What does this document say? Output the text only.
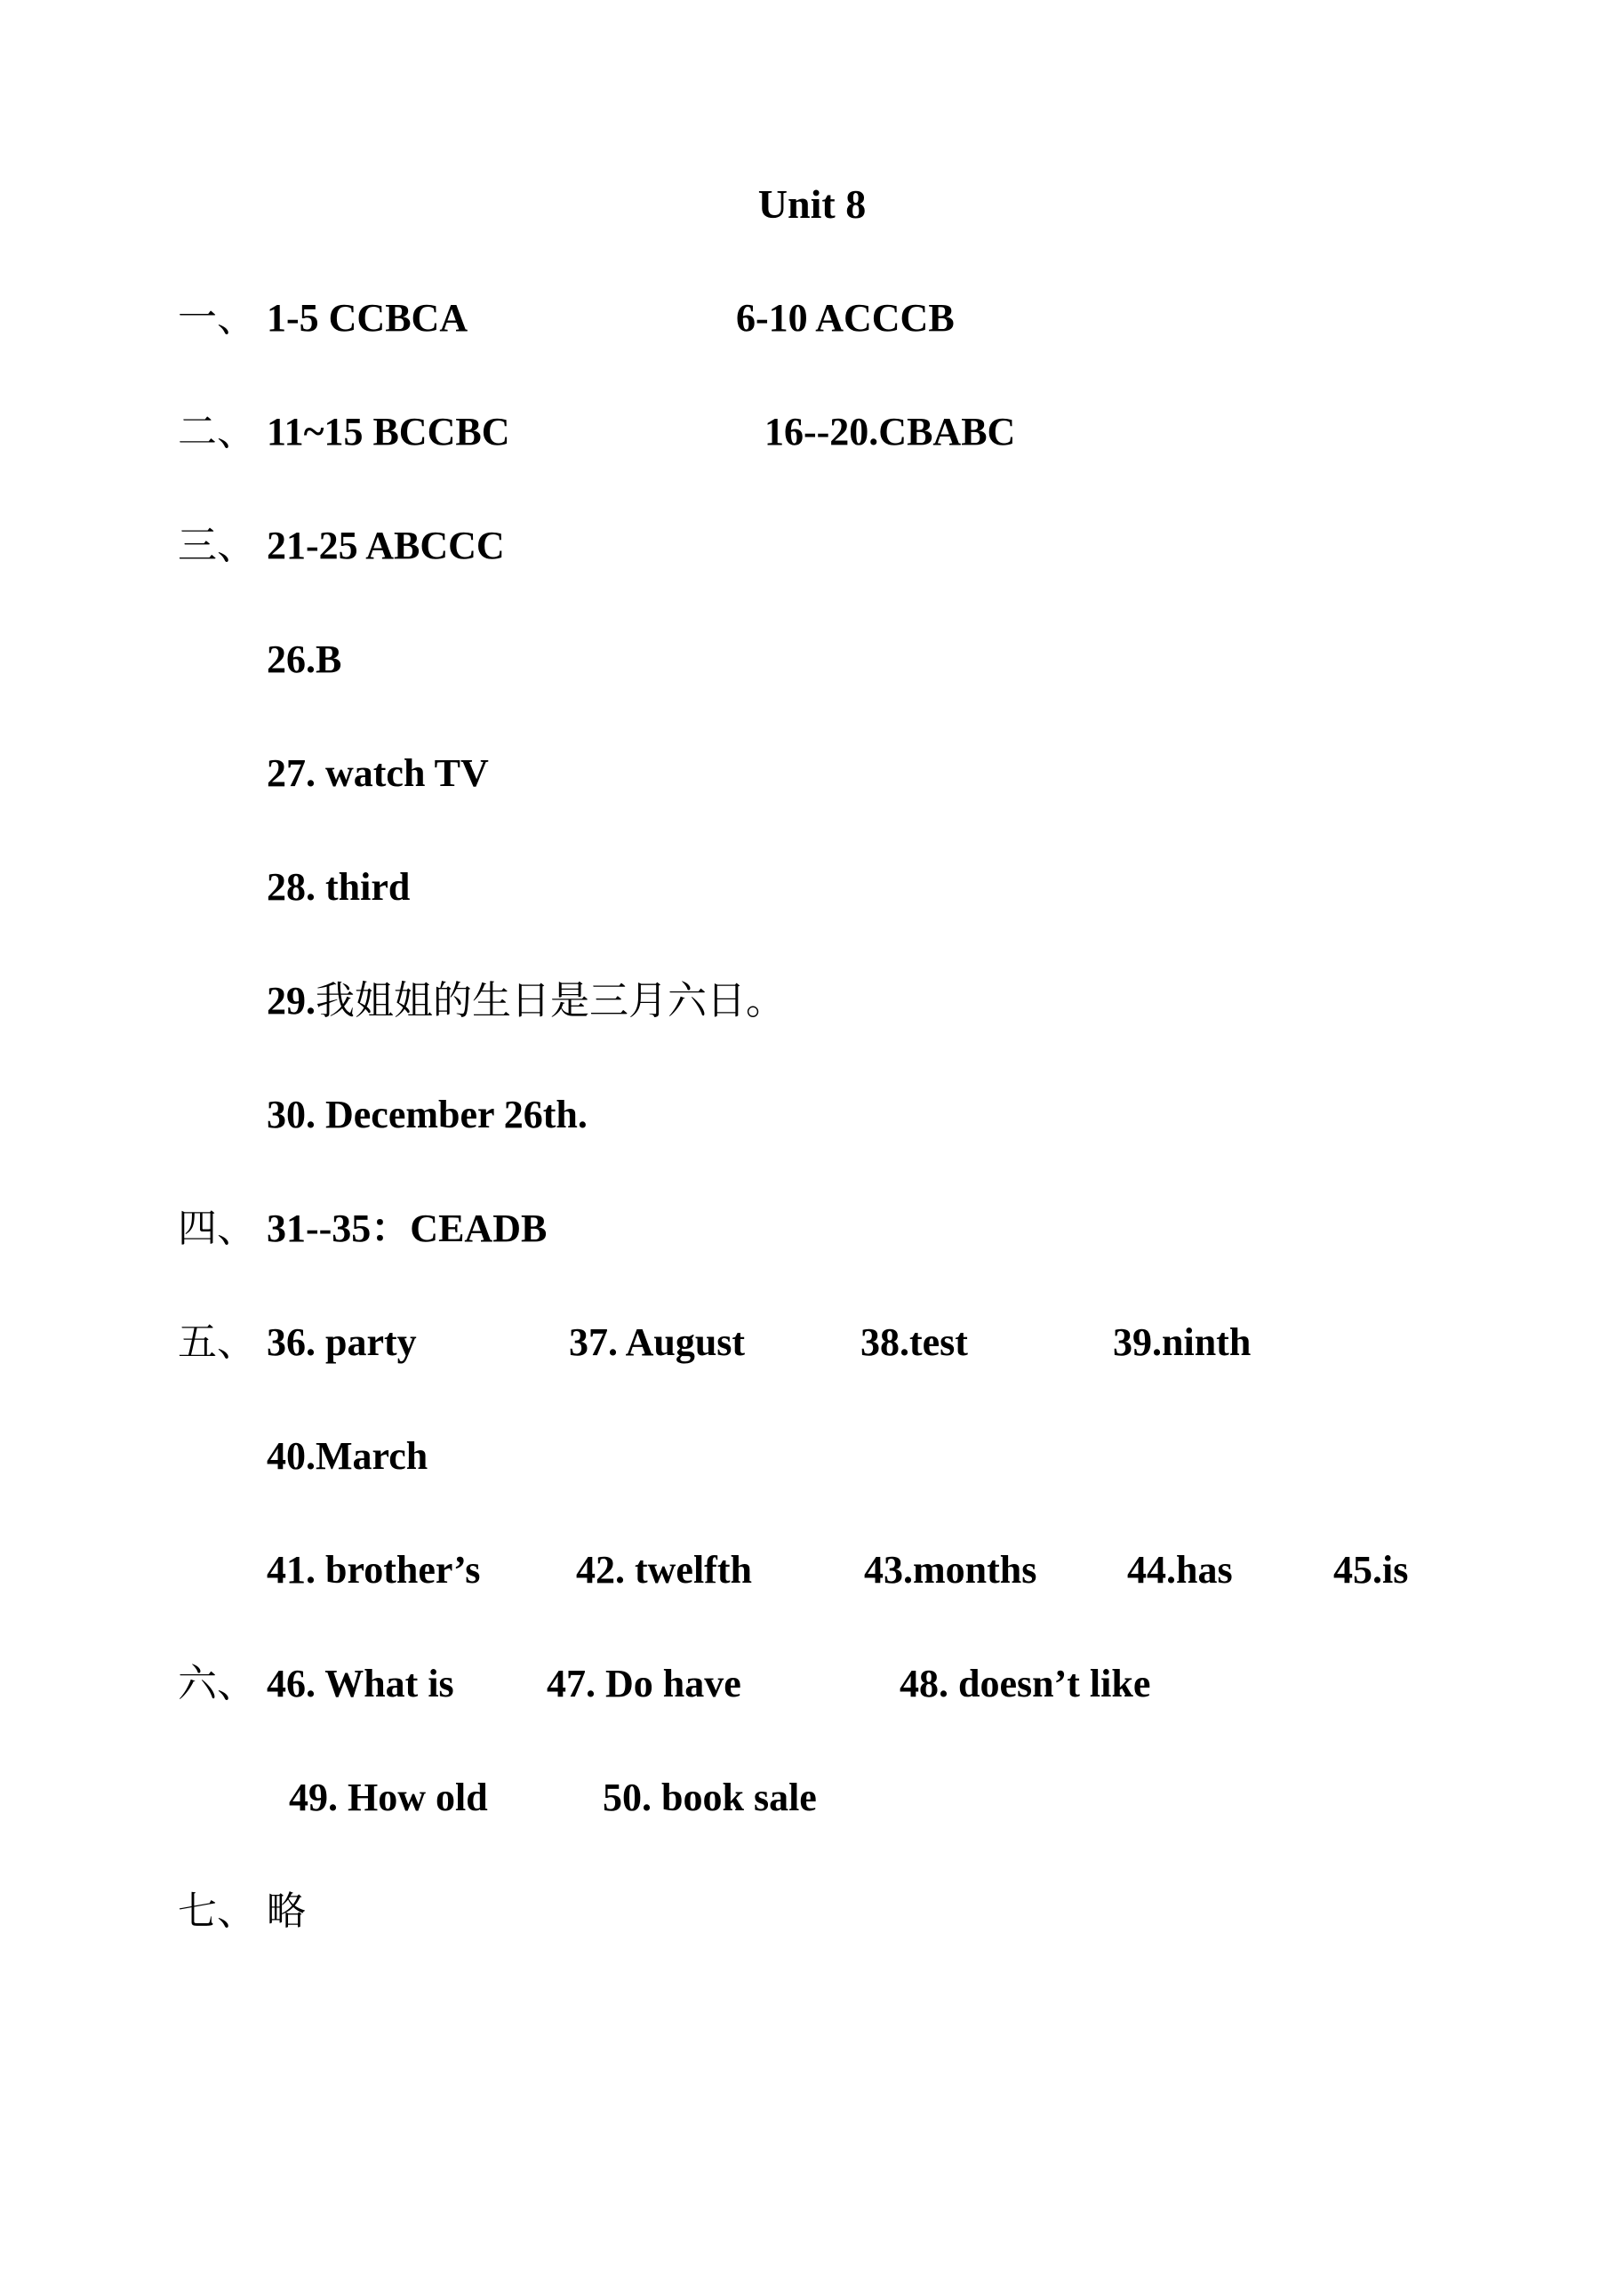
Unit 8
一、 1-5 CCBCA	6-10 ACCCB
二、 11~15 BCCBC	16--20.CBABC
三、 21-25 ABCCC
26.B
27. watch TV
28. third
29.我姐姐的生日是三月六日。
30. December 26th.
四、 31--35：CEADB
五、 36. party	37. August	38.test	39.ninth
40.March
41. brother’s 42. twelfth	43.months 44.has	45.is
六、 46. What is 47. Do have	48. doesn’t like
49. How old	50. book sale
七、 略
